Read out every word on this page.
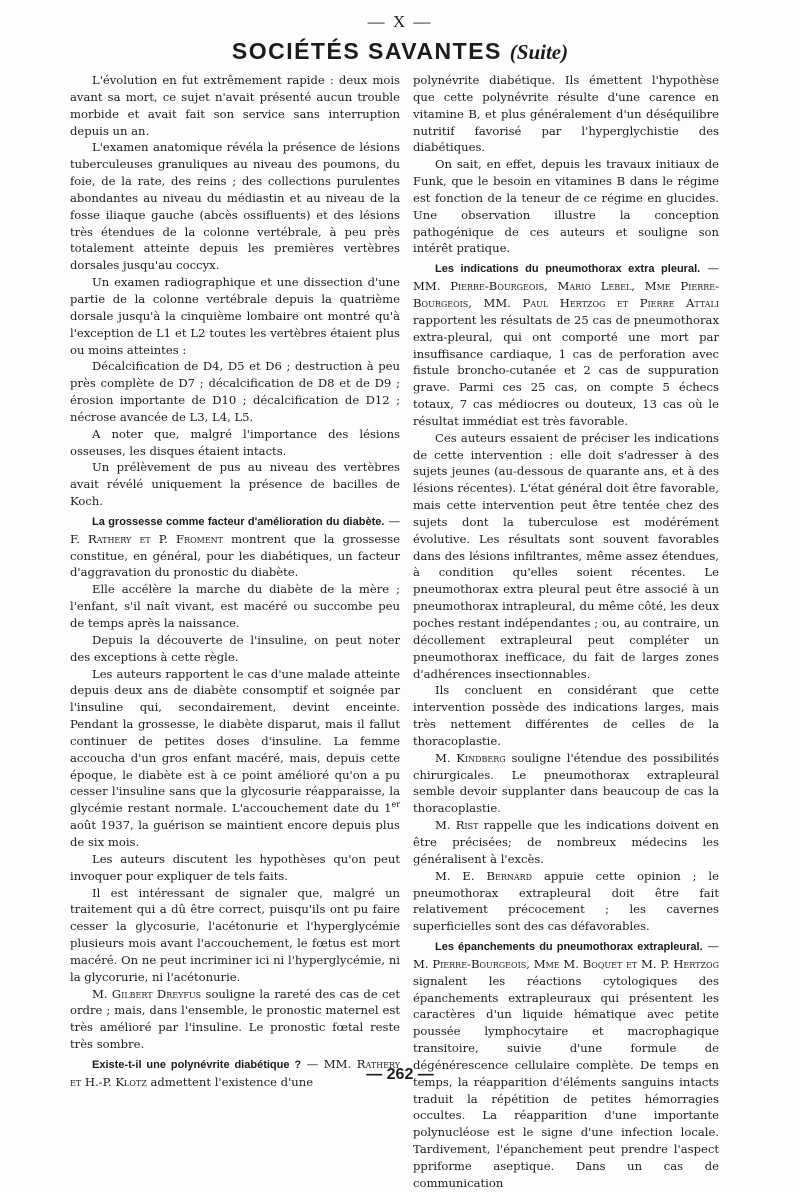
— X —
SOCIÉTÉS SAVANTES (Suite)

L'évolution en fut extrêmement rapide : deux mois avant sa mort, ce sujet n'avait présenté aucun trouble morbide et avait fait son service sans interruption depuis un an.

L'examen anatomique révéla la présence de lésions tuberculeuses granuliques au niveau des poumons, du foie, de la rate, des reins ; des collections purulentes abondantes au niveau du médiastin et au niveau de la fosse iliaque gauche (abcès ossifluents) et des lésions très étendues de la colonne vertébrale, à peu près totalement atteinte depuis les premières vertèbres dorsales jusqu'au coccyx.

Un examen radiographique et une dissection d'une partie de la colonne vertébrale depuis la quatrième dorsale jusqu'à la cinquième lombaire ont montré qu'à l'exception de L1 et L2 toutes les vertèbres étaient plus ou moins atteintes :

Décalcification de D4, D5 et D6 ; destruction à peu près complète de D7 ; décalcification de D8 et de D9 ; érosion importante de D10 ; décalcification de D12 ; nécrose avancée de L3, L4, L5.

A noter que, malgré l'importance des lésions osseuses, les disques étaient intacts.

Un prélèvement de pus au niveau des vertèbres avait révélé uniquement la présence de bacilles de Koch.

La grossesse comme facteur d'amélioration du diabète. — F. Rathery et P. Froment montrent que la grossesse constitue, en général, pour les diabétiques, un facteur d'aggravation du pronostic du diabète.

Elle accélère la marche du diabète de la mère ; l'enfant, s'il naît vivant, est macéré ou succombe peu de temps après la naissance.

Depuis la découverte de l'insuline, on peut noter des exceptions à cette règle.

Les auteurs rapportent le cas d'une malade atteinte depuis deux ans de diabète consomptif et soignée par l'insuline qui, secondairement, devint enceinte. Pendant la grossesse, le diabète disparut, mais il fallut continuer de petites doses d'insuline. La femme accoucha d'un gros enfant macéré, mais, depuis cette époque, le diabète est à ce point amélioré qu'on a pu cesser l'insuline sans que la glycosurie réapparaisse, la glycémie restant normale. L'accouchement date du 1er août 1937, la guérison se maintient encore depuis plus de six mois.

Les auteurs discutent les hypothèses qu'on peut invoquer pour expliquer de tels faits.

Il est intéressant de signaler que, malgré un traitement qui a dû être correct, puisqu'ils ont pu faire cesser la glycosurie, l'acétonurie et l'hyperglycémie plusieurs mois avant l'accouchement, le fœtus est mort macéré. On ne peut incriminer ici ni l'hyperglycémie, ni la glycorurie, ni l'acétonurie.

M. Gilbert Dreyfus souligne la rareté des cas de cet ordre ; mais, dans l'ensemble, le pronostic maternel est très amélioré par l'insuline. Le pronostic fœtal reste très sombre.

Existe-t-il une polynévrite diabétique ? — MM. Rathery et H.-P. Klotz admettent l'existence d'une

polynévrite diabétique. Ils émettent l'hypothèse que cette polynévrite résulte d'une carence en vitamine B, et plus généralement d'un déséquilibre nutritif favorisé par l'hyperglychistie des diabétiques.

On sait, en effet, depuis les travaux initiaux de Funk, que le besoin en vitamines B dans le régime est fonction de la teneur de ce régime en glucides. Une observation illustre la conception pathogénique de ces auteurs et souligne son intérêt pratique.

Les indications du pneumothorax extra pleural. — MM. Pierre-Bourgeois, Mario Lebel, Mme Pierre-Bourgeois, MM. Paul Hertzog et Pierre Attali rapportent les résultats de 25 cas de pneumothorax extra-pleural, qui ont comporté une mort par insuffisance cardiaque, 1 cas de perforation avec fistule broncho-cutanée et 2 cas de suppuration grave. Parmi ces 25 cas, on compte 5 échecs totaux, 7 cas médiocres ou douteux, 13 cas où le résultat immédiat est très favorable.

Ces auteurs essaient de préciser les indications de cette intervention : elle doit s'adresser à des sujets jeunes (au-dessous de quarante ans, et à des lésions récentes). L'état général doit être favorable, mais cette intervention peut être tentée chez des sujets dont la tuberculose est modérément évolutive. Les résultats sont souvent favorables dans des lésions infiltrantes, même assez étendues, à condition qu'elles soient récentes. Le pneumothorax extra pleural peut être associé à un pneumothorax intrapleural, du même côté, les deux poches restant indépendantes ; ou, au contraire, un décollement extrapleural peut compléter un pneumothorax inefficace, du fait de larges zones d'adhérences insectionnables.

Ils concluent en considérant que cette intervention possède des indications larges, mais très nettement différentes de celles de la thoracoplastie.

M. Kindberg souligne l'étendue des possibilités chirurgicales. Le pneumothorax extrapleural semble devoir supplanter dans beaucoup de cas la thoracoplastie.

M. Rist rappelle que les indications doivent en être précisées; de nombreux médecins les généralisent à l'excès.

M. E. Bernard appuie cette opinion ; le pneumothorax extrapleural doit être fait relativement précocement ; les cavernes superficielles sont des cas défavorables.

Les épanchements du pneumothorax extrapleural. — M. Pierre-Bourgeois, Mme M. Boquet et M. P. Hertzog signalent les réactions cytologiques des épanchements extrapleuraux qui présentent les caractères d'un liquide hématique avec petite poussée lymphocytaire et macrophagique transitoire, suivie d'une formule de dégénérescence cellulaire complète. De temps en temps, la réapparition d'éléments sanguins intacts traduit la répétition de petites hémorragies occultes. La réapparition d'une importante polynucléose est le signe d'une infection locale. Tardivement, l'épanchement peut prendre l'aspect ppriforme aseptique. Dans un cas de communication

— 262 —
